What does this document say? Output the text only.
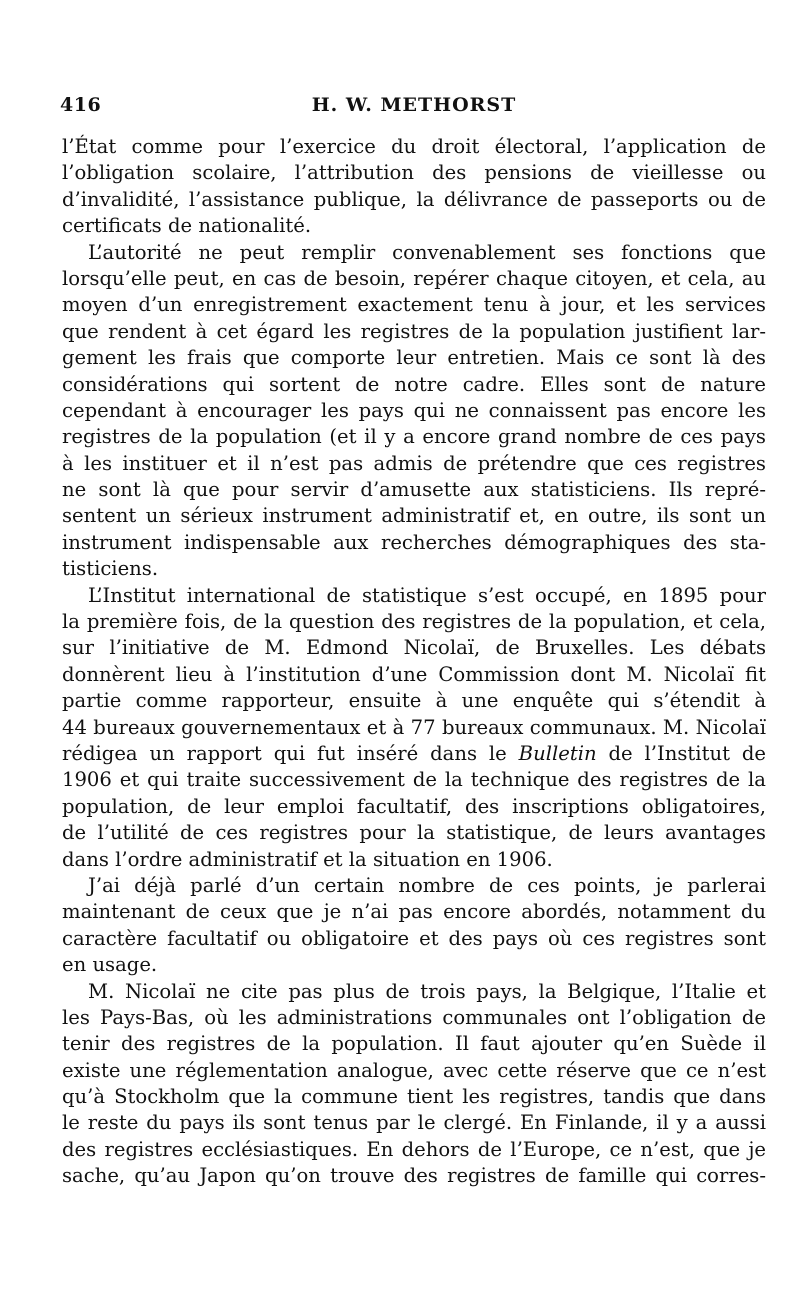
416	H. W. METHORST
l’État comme pour l’exercice du droit électoral, l’application de
l’obligation scolaire, l’attribution des pensions de vieillesse ou
d’invalidité, l’assistance publique, la délivrance de passeports ou de
certificats de nationalité.
L’autorité ne peut remplir convenablement ses fonctions que
lorsqu’elle peut, en cas de besoin, repérer chaque citoyen, et cela, au
moyen d’un enregistrement exactement tenu à jour, et les services
que rendent à cet égard les registres de la population justifient lar-
gement les frais que comporte leur entretien. Mais ce sont là des
considérations qui sortent de notre cadre. Elles sont de nature
cependant à encourager les pays qui ne connaissent pas encore les
registres de la population (et il y a encore grand nombre de ces pays
à les instituer et il n’est pas admis de prétendre que ces registres
ne sont là que pour servir d’amusette aux statisticiens. Ils repré-
sentent un sérieux instrument administratif et, en outre, ils sont un
instrument indispensable aux recherches démographiques des sta-
tisticiens.
L’Institut international de statistique s’est occupé, en 1895 pour
la première fois, de la question des registres de la population, et cela,
sur l’initiative de M. Edmond Nicolaï, de Bruxelles. Les débats
donnèrent lieu à l’institution d’une Commission dont M. Nicolaï fit
partie comme rapporteur, ensuite à une enquête qui s’étendit à
44 bureaux gouvernementaux et à 77 bureaux communaux. M. Nicolaï
rédigea un rapport qui fut inséré dans le Bulletin de l’Institut de
1906 et qui traite successivement de la technique des registres de la
population, de leur emploi facultatif, des inscriptions obligatoires,
de l’utilité de ces registres pour la statistique, de leurs avantages
dans l’ordre administratif et la situation en 1906.
J’ai déjà parlé d’un certain nombre de ces points, je parlerai
maintenant de ceux que je n’ai pas encore abordés, notamment du
caractère facultatif ou obligatoire et des pays où ces registres sont
en usage.
M. Nicolaï ne cite pas plus de trois pays, la Belgique, l’Italie et
les Pays-Bas, où les administrations communales ont l’obligation de
tenir des registres de la population. Il faut ajouter qu’en Suède il
existe une réglementation analogue, avec cette réserve que ce n’est
qu’à Stockholm que la commune tient les registres, tandis que dans
le reste du pays ils sont tenus par le clergé. En Finlande, il y a aussi
des registres ecclésiastiques. En dehors de l’Europe, ce n’est, que je
sache, qu’au Japon qu’on trouve des registres de famille qui corres-
